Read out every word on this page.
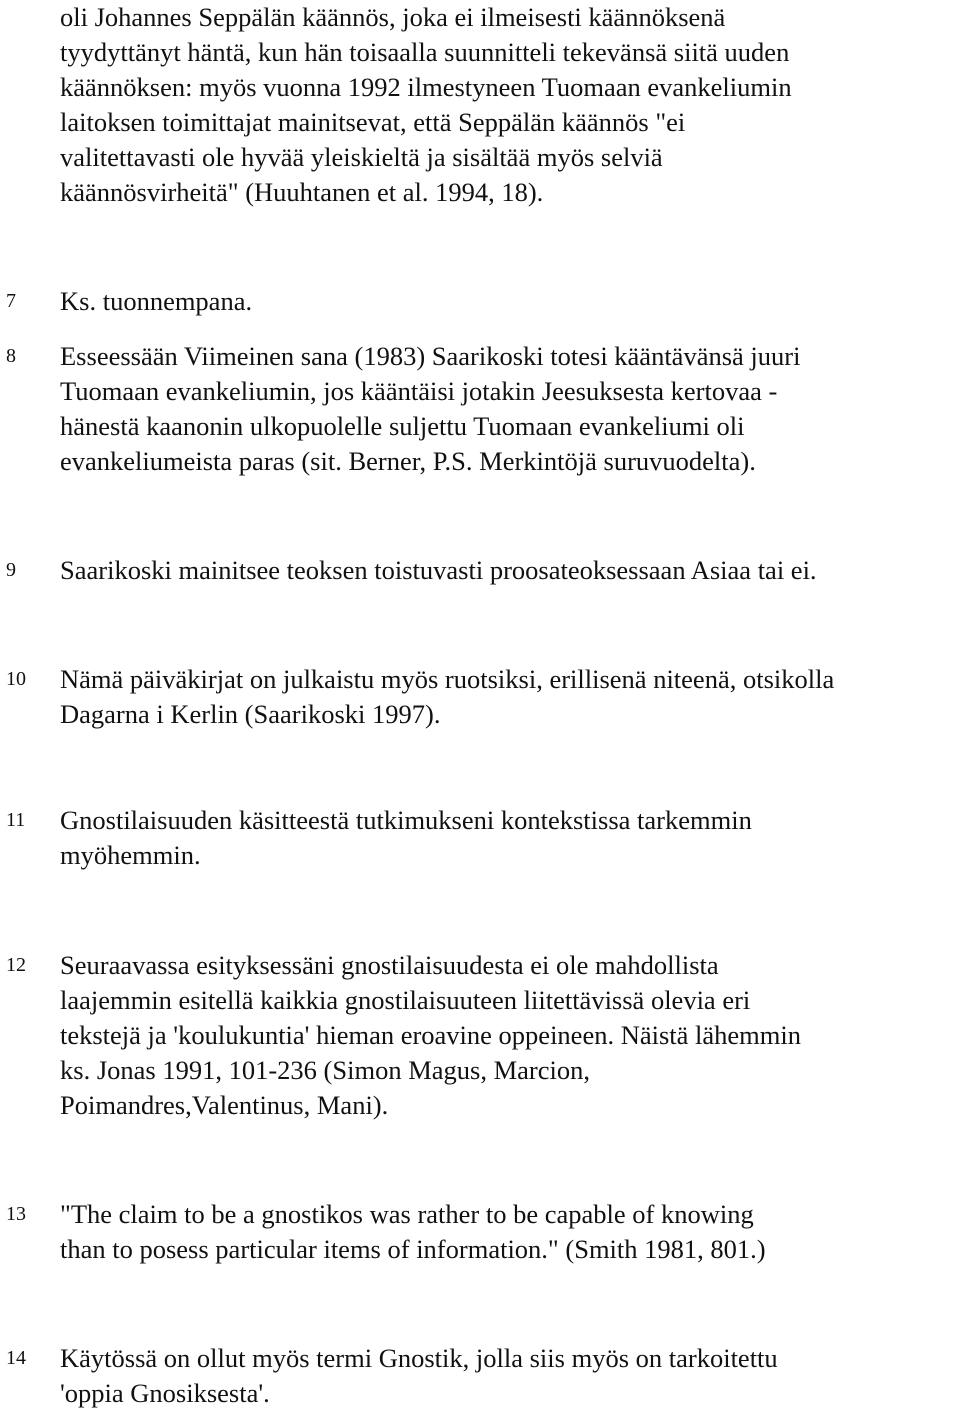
oli Johannes Seppälän käännös, joka ei ilmeisesti käännöksenä
tyydyttänyt häntä, kun hän toisaalla suunnitteli tekevänsä siitä uuden
käännöksen: myös vuonna 1992 ilmestyneen Tuomaan evankeliumin
laitoksen toimittajat mainitsevat, että Seppälän käännös "ei
valitettavasti ole hyvää yleiskieltä ja sisältää myös selviä
käännösvirheitä" (Huuhtanen et al. 1994, 18).
7 Ks. tuonnempana.
8 Esseessään Viimeinen sana (1983) Saarikoski totesi kääntävänsä juuri
Tuomaan evankeliumin, jos kääntäisi jotakin Jeesuksesta kertovaa -
hänestä kaanonin ulkopuolelle suljettu Tuomaan evankeliumi oli
evankeliumeista paras (sit. Berner, P.S. Merkintöjä suruvuodelta).
9 Saarikoski mainitsee teoksen toistuvasti proosateoksessaan Asiaa tai ei.
10 Nämä päiväkirjat on julkaistu myös ruotsiksi, erillisenä niteenä, otsikolla
Dagarna i Kerlin (Saarikoski 1997).
11 Gnostilaisuuden käsitteestä tutkimukseni kontekstissa tarkemmin
myöhemmin.
12 Seuraavassa esityksessäni gnostilaisuudesta ei ole mahdollista
laajemmin esitellä kaikkia gnostilaisuuteen liitettävissä olevia eri
tekstejä ja 'koulukuntia' hieman eroavine oppeineen. Näistä lähemmin
ks. Jonas 1991, 101-236 (Simon Magus, Marcion,
Poimandres,Valentinus, Mani).
13 "The claim to be a gnostikos was rather to be capable of knowing
than to posess particular items of information." (Smith 1981, 801.)
14 Käytössä on ollut myös termi Gnostik, jolla siis myös on tarkoitettu
'oppia Gnosiksesta'.
